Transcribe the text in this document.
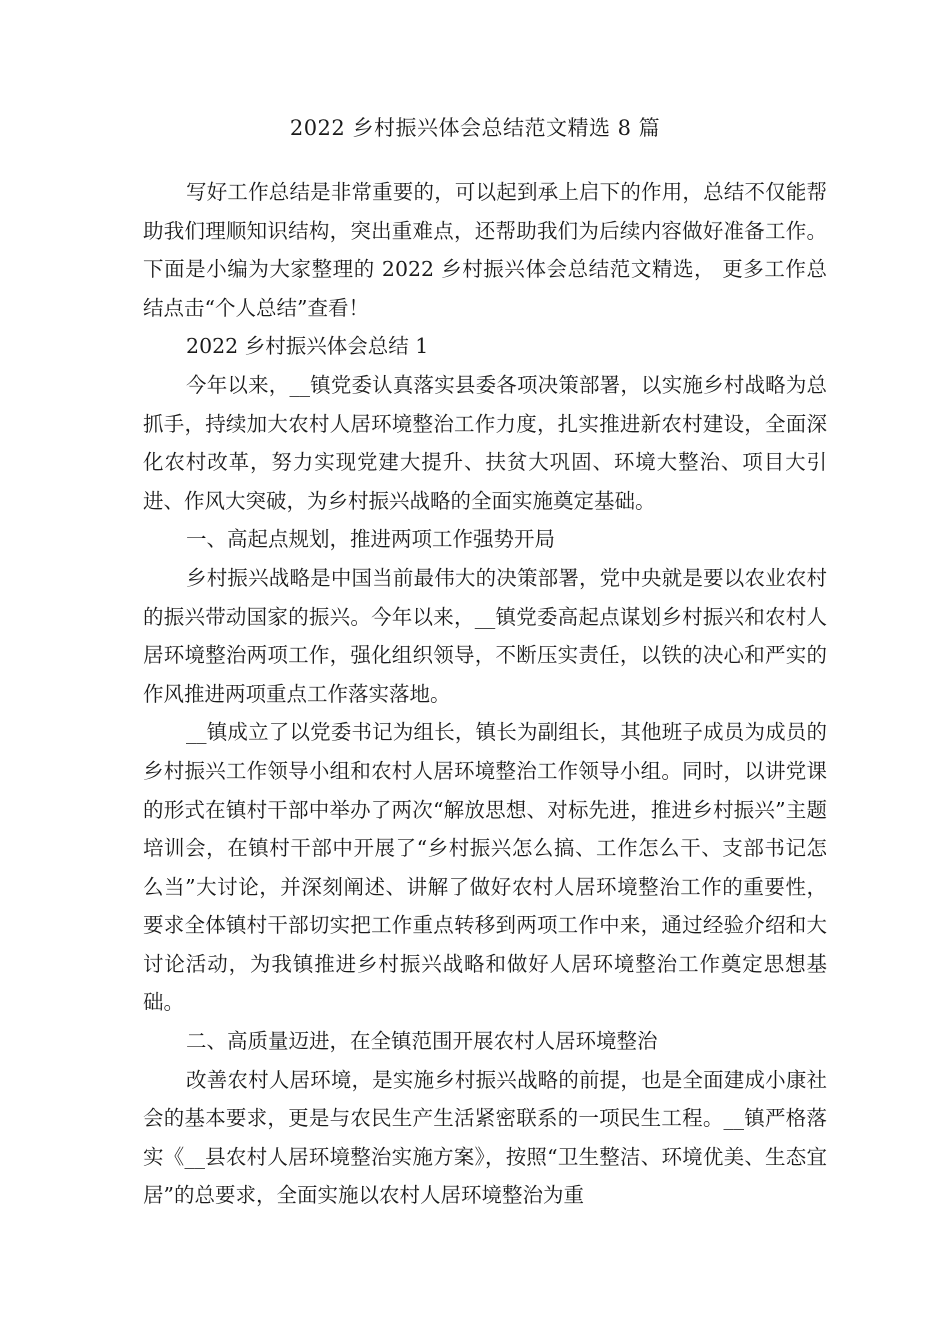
2022 乡村振兴体会总结范文精选 8 篇

写好工作总结是非常重要的，可以起到承上启下的作用，总结不仅能帮助我们理顺知识结构，突出重难点，还帮助我们为后续内容做好准备工作。下面是小编为大家整理的 2022 乡村振兴体会总结范文精选， 更多工作总结点击“个人总结”查看！

2022 乡村振兴体会总结 1

今年以来，__镇党委认真落实县委各项决策部署，以实施乡村战略为总抓手，持续加大农村人居环境整治工作力度，扎实推进新农村建设，全面深化农村改革，努力实现党建大提升、扶贫大巩固、环境大整治、项目大引进、作风大突破，为乡村振兴战略的全面实施奠定基础。

一、高起点规划，推进两项工作强势开局

乡村振兴战略是中国当前最伟大的决策部署，党中央就是要以农业农村的振兴带动国家的振兴。今年以来，__镇党委高起点谋划乡村振兴和农村人居环境整治两项工作，强化组织领导，不断压实责任，以铁的决心和严实的作风推进两项重点工作落实落地。

__镇成立了以党委书记为组长，镇长为副组长，其他班子成员为成员的乡村振兴工作领导小组和农村人居环境整治工作领导小组。同时，以讲党课的形式在镇村干部中举办了两次“解放思想、对标先进，推进乡村振兴”主题培训会，在镇村干部中开展了“乡村振兴怎么搞、工作怎么干、支部书记怎么当”大讨论，并深刻阐述、讲解了做好农村人居环境整治工作的重要性，要求全体镇村干部切实把工作重点转移到两项工作中来，通过经验介绍和大讨论活动，为我镇推进乡村振兴战略和做好人居环境整治工作奠定思想基础。

二、高质量迈进，在全镇范围开展农村人居环境整治

改善农村人居环境，是实施乡村振兴战略的前提，也是全面建成小康社会的基本要求，更是与农民生产生活紧密联系的一项民生工程。__镇严格落实《__县农村人居环境整治实施方案》，按照“卫生整洁、环境优美、生态宜居”的总要求，全面实施以农村人居环境整治为重
